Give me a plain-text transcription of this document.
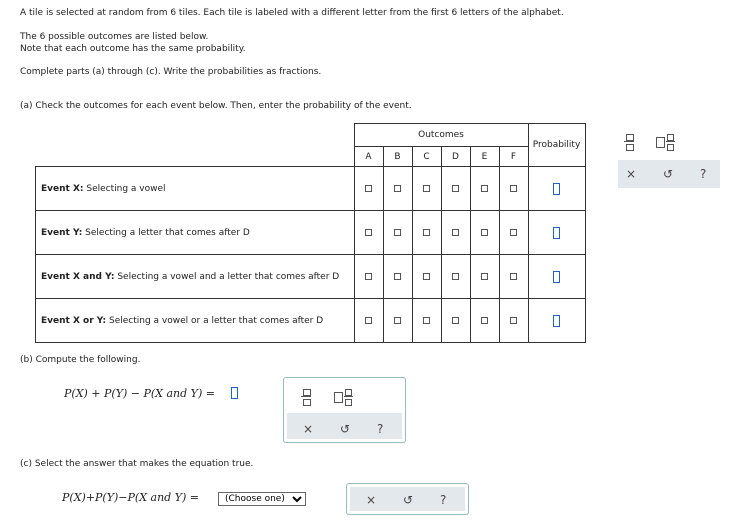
A tile is selected at random from 6 tiles. Each tile is labeled with a different letter from the first 6 letters of the alphabet.
The 6 possible outcomes are listed below.
Note that each outcome has the same probability.
Complete parts (a) through (c). Write the probabilities as fractions.
(a) Check the outcomes for each event below. Then, enter the probability of the event.
	Outcomes						Probability
	A	B	C	D	E	F	
Event X: Selecting a vowel	

Event Y: Selecting a letter that comes after D	

Event X and Y: Selecting a vowel and a letter that comes after D	

Event X or Y: Selecting a vowel or a letter that comes after D	

× ↺ ?
(b) Compute the following.
P(X) + P(Y) − P(X and Y) =
× ↺ ?
(c) Select the answer that makes the equation true.
P(X)+P(Y)−P(X and Y) =
(Choose one)	× ↺ ?
